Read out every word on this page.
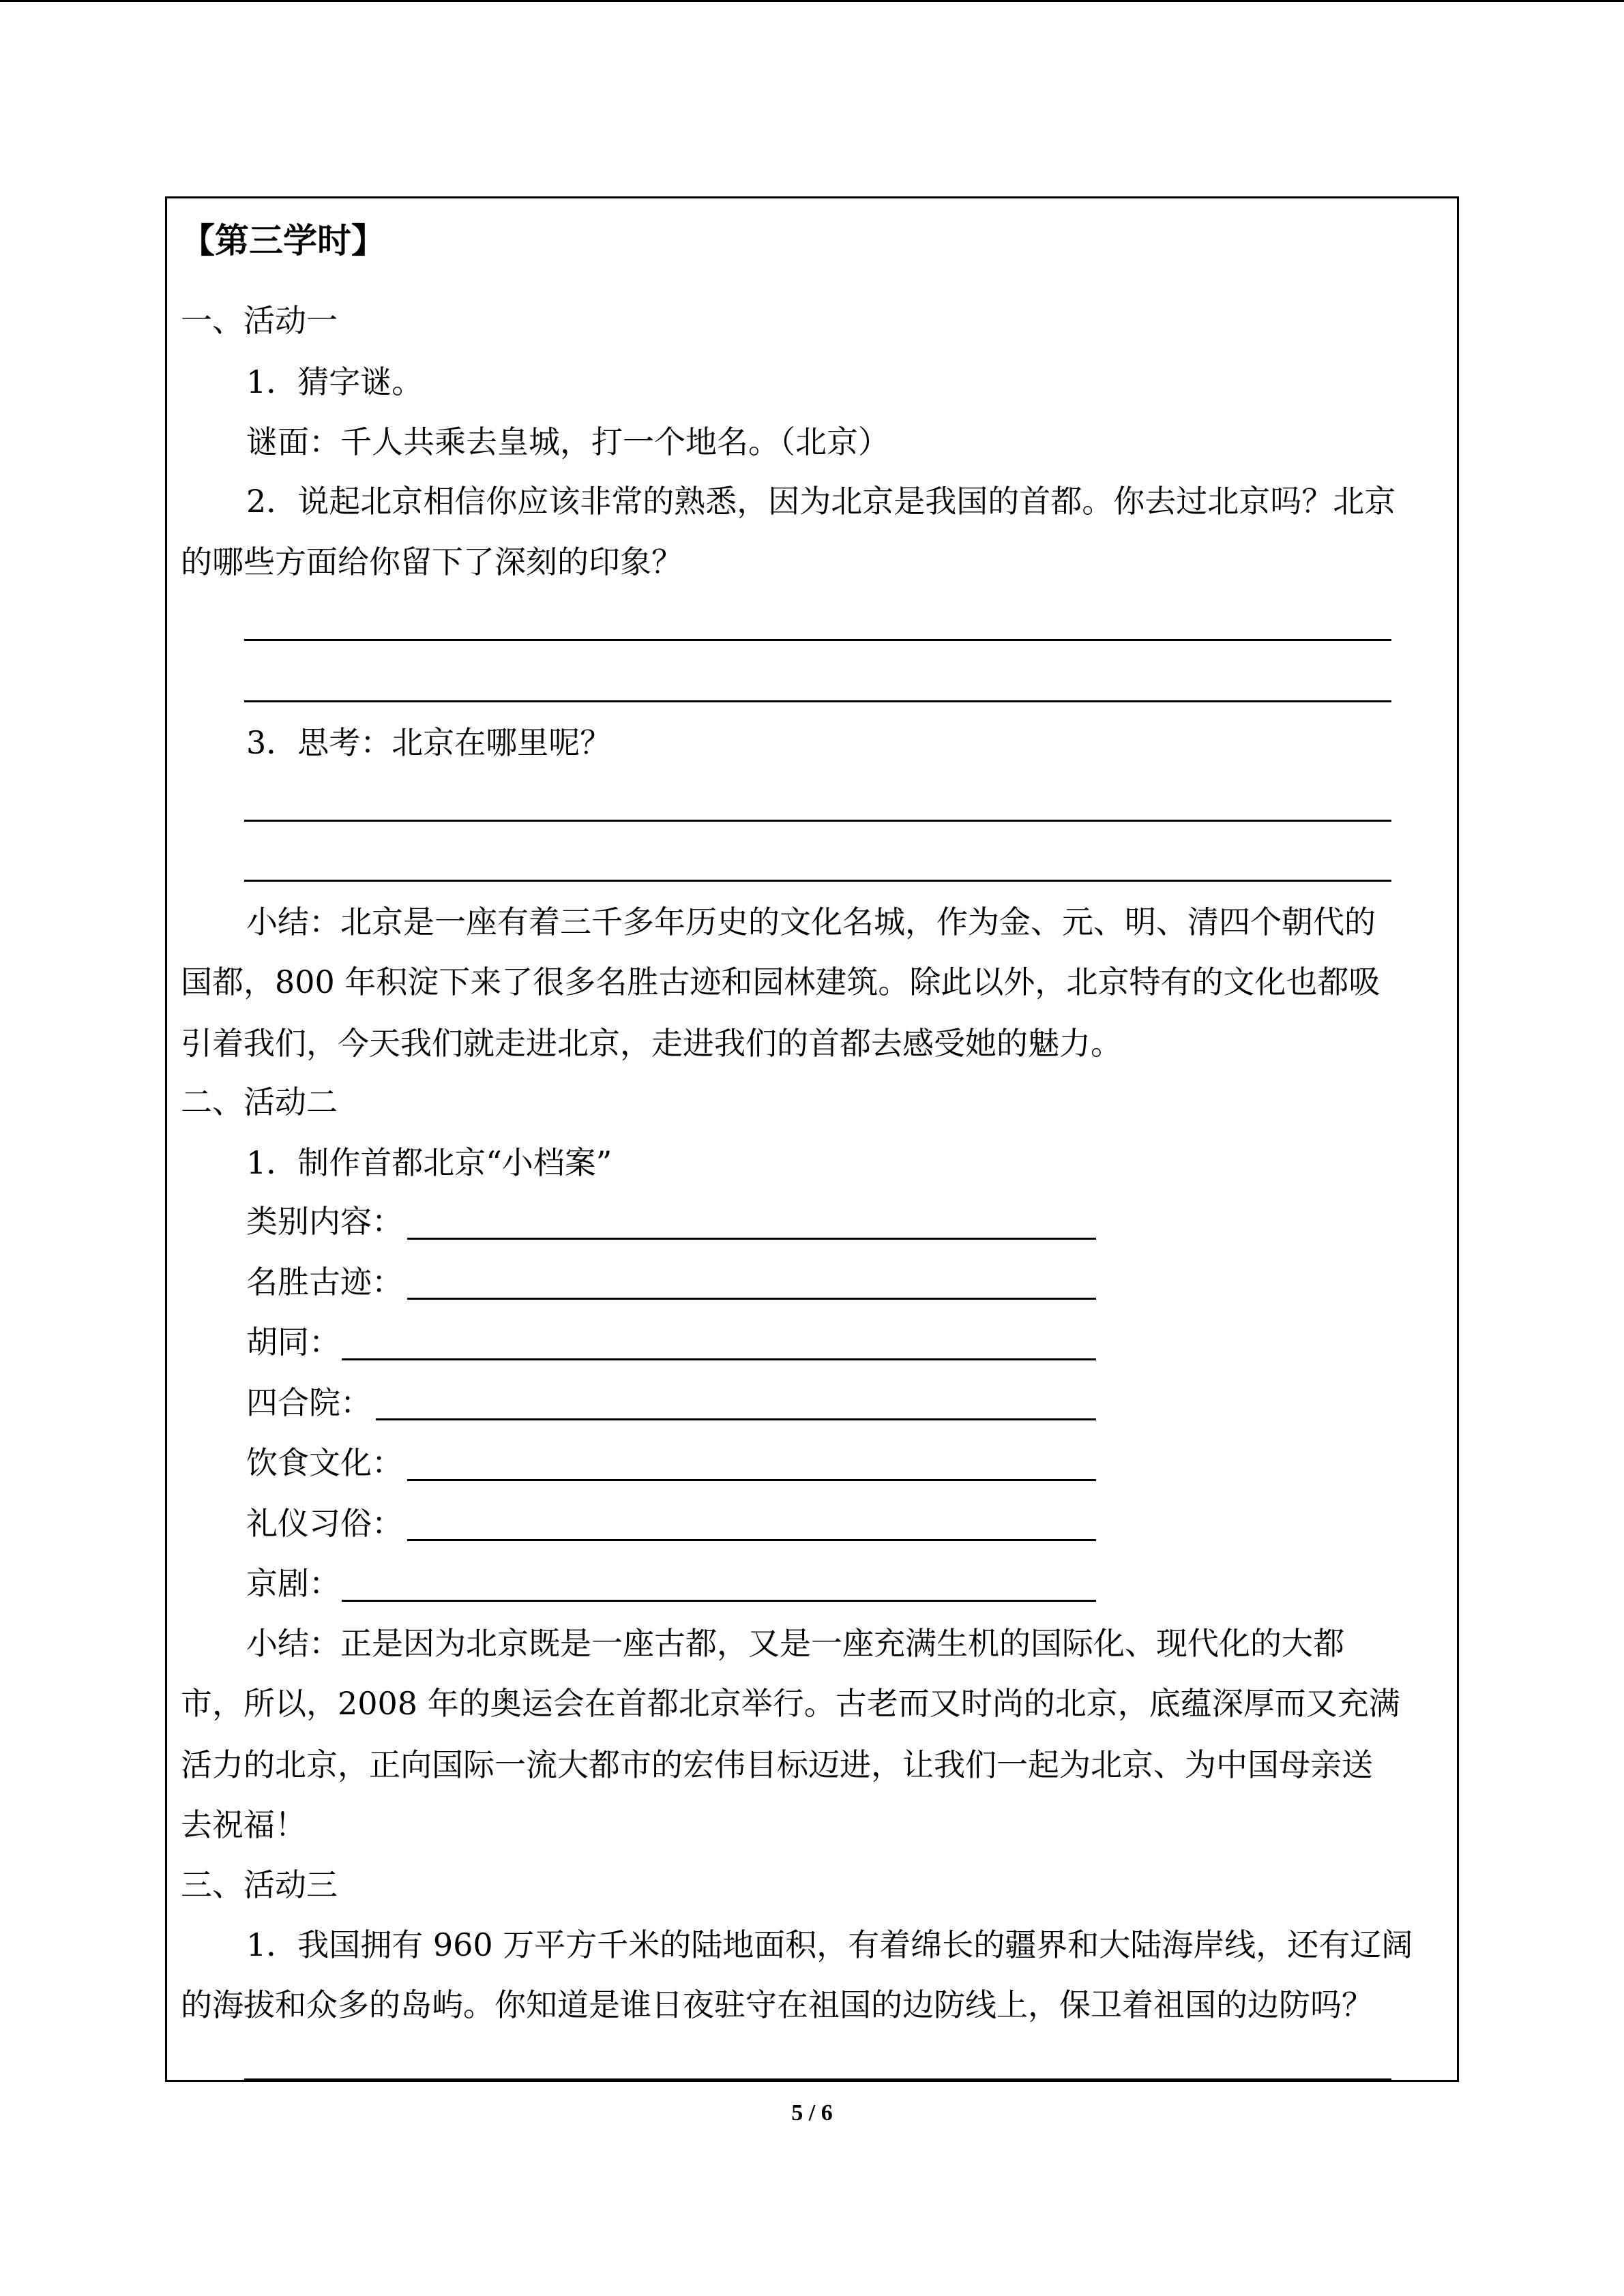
【第三学时】
一、活动一
1．猜字谜。
谜面：千人共乘去皇城，打一个地名。（北京）
2．说起北京相信你应该非常的熟悉，因为北京是我国的首都。你去过北京吗？北京
的哪些方面给你留下了深刻的印象？
3．思考：北京在哪里呢？
小结：北京是一座有着三千多年历史的文化名城，作为金、元、明、清四个朝代的
国都，800 年积淀下来了很多名胜古迹和园林建筑。除此以外，北京特有的文化也都吸
引着我们，今天我们就走进北京，走进我们的首都去感受她的魅力。
二、活动二
1．制作首都北京“小档案”
类别内容：
名胜古迹：
胡同：
四合院：
饮食文化：
礼仪习俗：
京剧：
小结：正是因为北京既是一座古都，又是一座充满生机的国际化、现代化的大都
市，所以，2008 年的奥运会在首都北京举行。古老而又时尚的北京，底蕴深厚而又充满
活力的北京，正向国际一流大都市的宏伟目标迈进，让我们一起为北京、为中国母亲送
去祝福！
三、活动三
1．我国拥有 960 万平方千米的陆地面积，有着绵长的疆界和大陆海岸线，还有辽阔
的海拔和众多的岛屿。你知道是谁日夜驻守在祖国的边防线上，保卫着祖国的边防吗？
5 / 6
